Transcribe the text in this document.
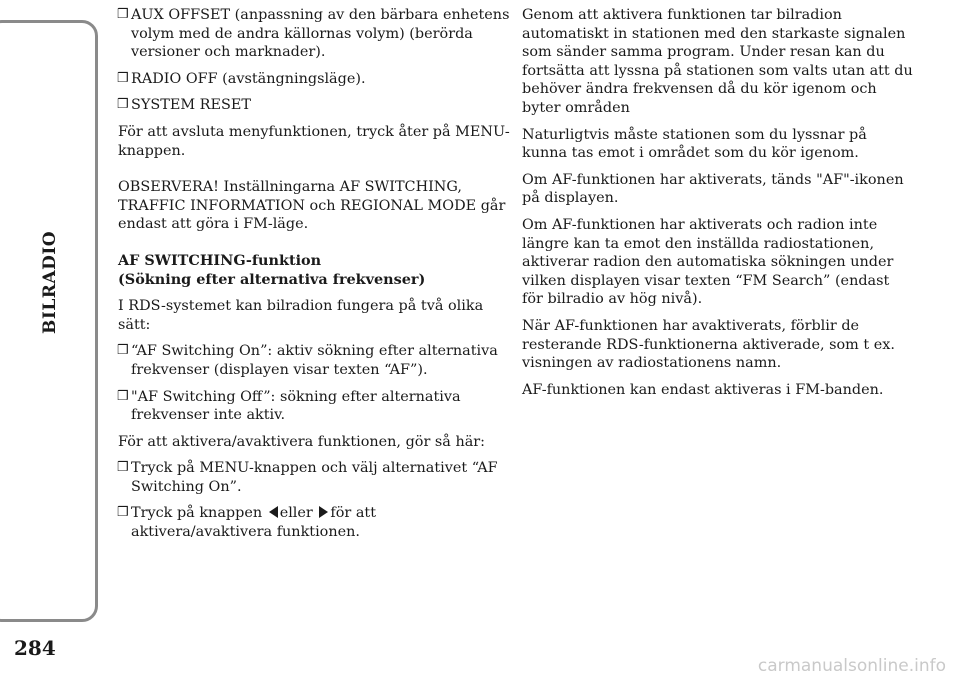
BILRADIO
284
carmanualsonline.info
❒ AUX OFFSET (anpassning av den bärbara enhetens volym med de andra källornas volym) (berörda versioner och marknader).
❒ RADIO OFF (avstängningsläge).
❒ SYSTEM RESET

För att avsluta menyfunktionen, tryck åter på MENU-knappen.

OBSERVERA! Inställningarna AF SWITCHING, TRAFFIC INFORMATION och REGIONAL MODE går endast att göra i FM-läge.

AF SWITCHING-funktion
(Sökning efter alternativa frekvenser)

I RDS-systemet kan bilradion fungera på två olika sätt:

❒ “AF Switching On”: aktiv sökning efter alternativa frekvenser (displayen visar texten “AF”).
❒ "AF Switching Off”: sökning efter alternativa frekvenser inte aktiv.

För att aktivera/avaktivera funktionen, gör så här:

❒ Tryck på MENU-knappen och välj alternativet “AF Switching On”.
❒ Tryck på knappen eller för att aktivera/avaktivera funktionen.

Genom att aktivera funktionen tar bilradion automatiskt in stationen med den starkaste signalen som sänder samma program. Under resan kan du fortsätta att lyssna på stationen som valts utan att du behöver ändra frekvensen då du kör igenom och byter områden

Naturligtvis måste stationen som du lyssnar på kunna tas emot i området som du kör igenom.

Om AF-funktionen har aktiverats, tänds "AF"-ikonen på displayen.

Om AF-funktionen har aktiverats och radion inte längre kan ta emot den inställda radiostationen, aktiverar radion den automatiska sökningen under vilken displayen visar texten “FM Search” (endast för bilradio av hög nivå).

När AF-funktionen har avaktiverats, förblir de resterande RDS-funktionerna aktiverade, som t ex. visningen av radiostationens namn.

AF-funktionen kan endast aktiveras i FM-banden.
